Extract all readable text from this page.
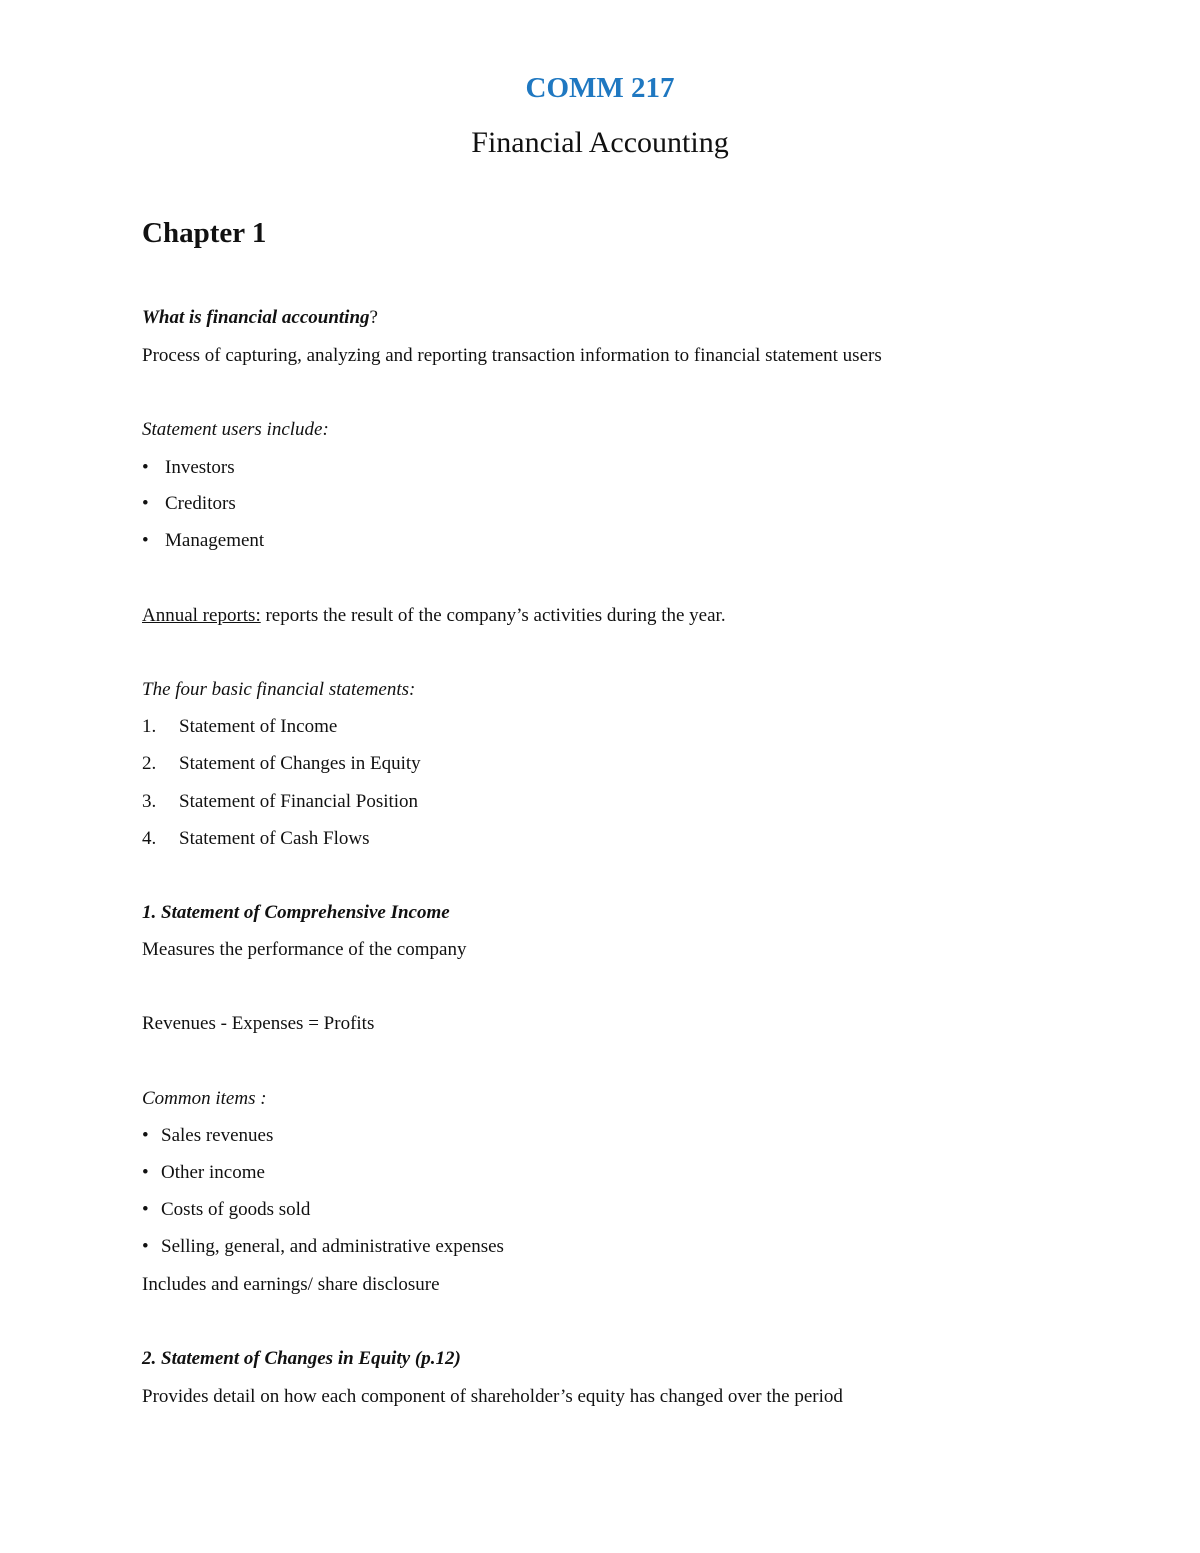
COMM 217
Financial Accounting
Chapter 1
What is financial accounting?
Process of capturing, analyzing and reporting transaction information to financial statement users
Statement users include:
• Investors
• Creditors
• Management
Annual reports: reports the result of the company’s activities during the year.
The four basic financial statements:
1. Statement of Income
2. Statement of Changes in Equity
3. Statement of Financial Position
4. Statement of Cash Flows
1. Statement of Comprehensive Income
Measures the performance of the company
Revenues - Expenses = Profits
Common items :
• Sales revenues
• Other income
• Costs of goods sold
• Selling, general, and administrative expenses
Includes and earnings/ share disclosure
2. Statement of Changes in Equity (p.12)
Provides detail on how each component of shareholder’s equity has changed over the period
